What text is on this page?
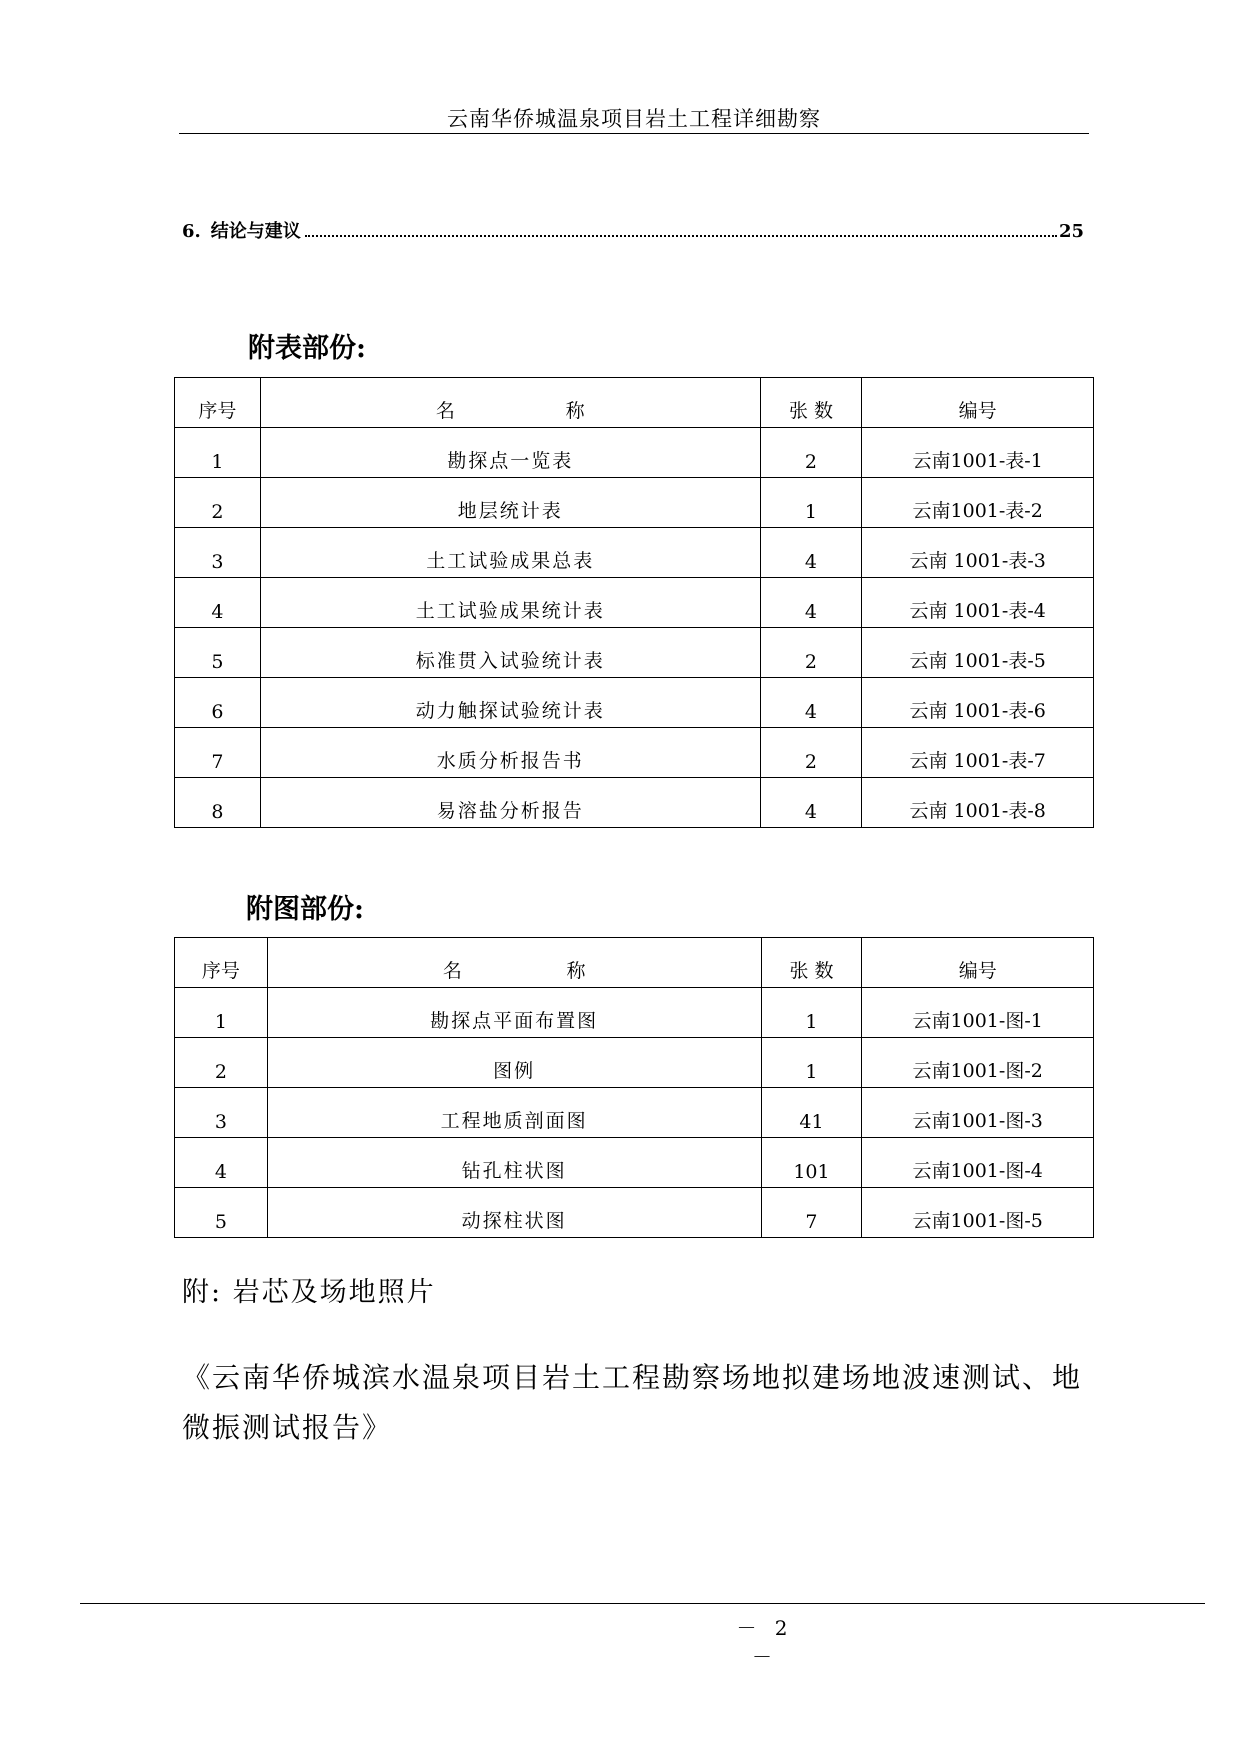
云南华侨城温泉项目岩土工程详细勘察
6. 结论与建议	25
附表部份:
序号	名 称	张 数	编号
1	勘探点一览表	2	云南1001-表-1
2	地层统计表	1	云南1001-表-2
3	土工试验成果总表	4	云南 1001-表-3
4	土工试验成果统计表	4	云南 1001-表-4
5	标准贯入试验统计表	2	云南 1001-表-5
6	动力触探试验统计表	4	云南 1001-表-6
7	水质分析报告书	2	云南 1001-表-7
8	易溶盐分析报告	4	云南 1001-表-8
附图部份:
序号	名 称	张 数	编号
1	勘探点平面布置图	1	云南1001-图-1
2	图例	1	云南1001-图-2
3	工程地质剖面图	41	云南1001-图-3
4	钻孔柱状图	101	云南1001-图-4
5	动探柱状图	7	云南1001-图-5
附: 岩芯及场地照片
《云南华侨城滨水温泉项目岩土工程勘察场地拟建场地波速测试、地微振测试报告》
－ 2 －
